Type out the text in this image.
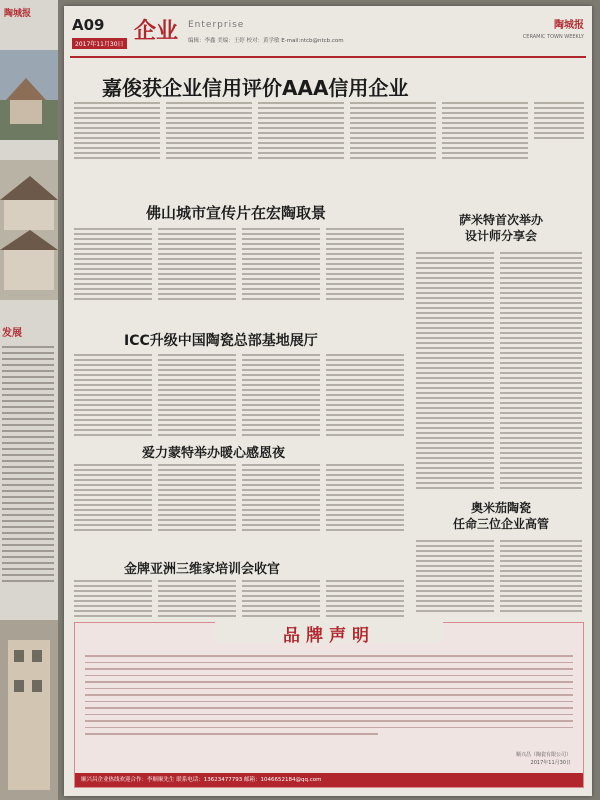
陶城报
发展
A09
2017年11月30日
企业 Enterprise
编辑：李鑫 美编：王婷 校对：黄学敏 E-mail:ntcb@ntcb.com
陶城报
CERAMIC TOWN WEEKLY
嘉俊获企业信用评价AAA信用企业
佛山城市宣传片在宏陶取景	萨米特首次举办
设计师分享会
ICC升级中国陶瓷总部基地展厅
爱力蒙特举办暖心感恩夜
奥米茄陶瓷
任命三位企业高管
金牌亚洲三维家培训会收官
品牌声明
顺兴昌（陶瓷有限公司）
2017年11月30日
顺兴昌企业热线欢迎合作：李顺顺先生 联系电话：13623477793 邮箱：1046652184@qq.com
